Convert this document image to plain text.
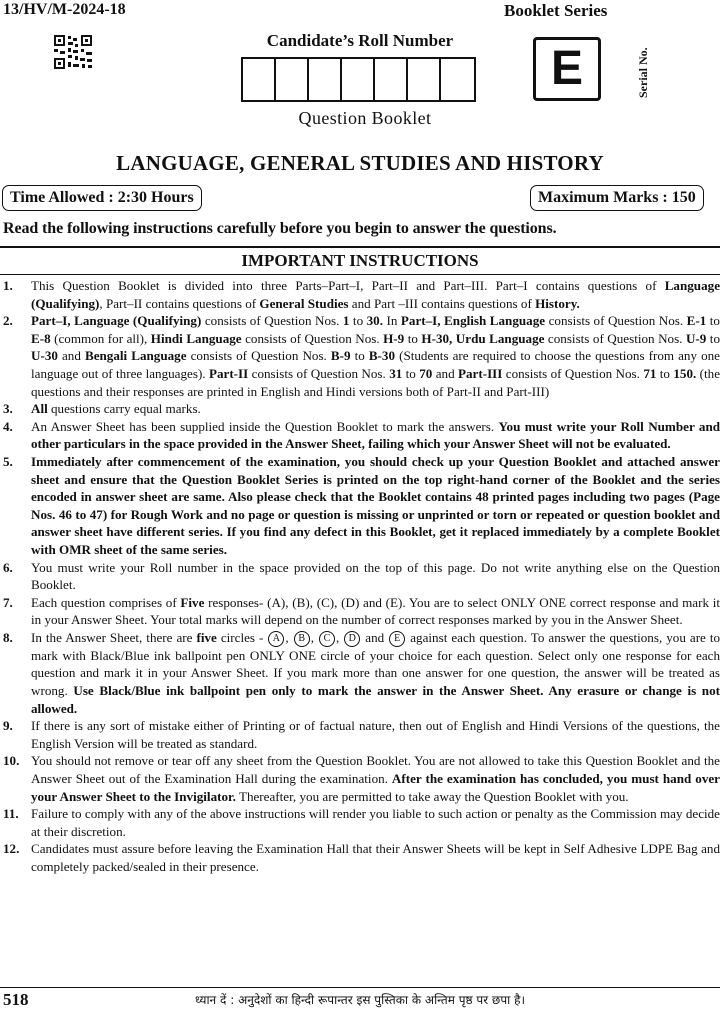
13/HV/M-2024-18	Booklet Series
Candidate’s Roll Number
Question Booklet
E	Serial No.
LANGUAGE, GENERAL STUDIES AND HISTORY
Time Allowed : 2:30 Hours	Maximum Marks : 150
Read the following instructions carefully before you begin to answer the questions.
IMPORTANT INSTRUCTIONS
1. This Question Booklet is divided into three Parts–Part–I, Part–II and Part–III. Part–I contains questions of Language (Qualifying), Part–II contains questions of General Studies and Part –III contains questions of History.
2. Part–I, Language (Qualifying) consists of Question Nos. 1 to 30. In Part–I, English Language consists of Question Nos. E-1 to E-8 (common for all), Hindi Language consists of Question Nos. H-9 to H-30, Urdu Language consists of Question Nos. U-9 to U-30 and Bengali Language consists of Question Nos. B-9 to B-30 (Students are required to choose the questions from any one language out of three languages). Part-II consists of Question Nos. 31 to 70 and Part-III consists of Question Nos. 71 to 150. (the questions and their responses are printed in English and Hindi versions both of Part-II and Part-III)
3. All questions carry equal marks.
4. An Answer Sheet has been supplied inside the Question Booklet to mark the answers. You must write your Roll Number and other particulars in the space provided in the Answer Sheet, failing which your Answer Sheet will not be evaluated.
5. Immediately after commencement of the examination, you should check up your Question Booklet and attached answer sheet and ensure that the Question Booklet Series is printed on the top right-hand corner of the Booklet and the series encoded in answer sheet are same. Also please check that the Booklet contains 48 printed pages including two pages (Page Nos. 46 to 47) for Rough Work and no page or question is missing or unprinted or torn or repeated or question booklet and answer sheet have different series. If you find any defect in this Booklet, get it replaced immediately by a complete Booklet with OMR sheet of the same series.
6. You must write your Roll number in the space provided on the top of this page. Do not write anything else on the Question Booklet.
7. Each question comprises of Five responses- (A), (B), (C), (D) and (E). You are to select ONLY ONE correct response and mark it in your Answer Sheet. Your total marks will depend on the number of correct responses marked by you in the Answer Sheet.
8. In the Answer Sheet, there are five circles - A , B , C , D and E against each question. To answer the questions, you are to mark with Black/Blue ink ballpoint pen ONLY ONE circle of your choice for each question. Select only one response for each question and mark it in your Answer Sheet. If you mark more than one answer for one question, the answer will be treated as wrong. Use Black/Blue ink ballpoint pen only to mark the answer in the Answer Sheet. Any erasure or change is not allowed.
9. If there is any sort of mistake either of Printing or of factual nature, then out of English and Hindi Versions of the questions, the English Version will be treated as standard.
10. You should not remove or tear off any sheet from the Question Booklet. You are not allowed to take this Question Booklet and the Answer Sheet out of the Examination Hall during the examination. After the examination has concluded, you must hand over your Answer Sheet to the Invigilator. Thereafter, you are permitted to take away the Question Booklet with you.
11. Failure to comply with any of the above instructions will render you liable to such action or penalty as the Commission may decide at their discretion.
12. Candidates must assure before leaving the Examination Hall that their Answer Sheets will be kept in Self Adhesive LDPE Bag and completely packed/sealed in their presence.
518	ध्यान दें : अनुदेशों का हिन्दी रूपान्तर इस पुस्तिका के अन्तिम पृष्ठ पर छपा है।
